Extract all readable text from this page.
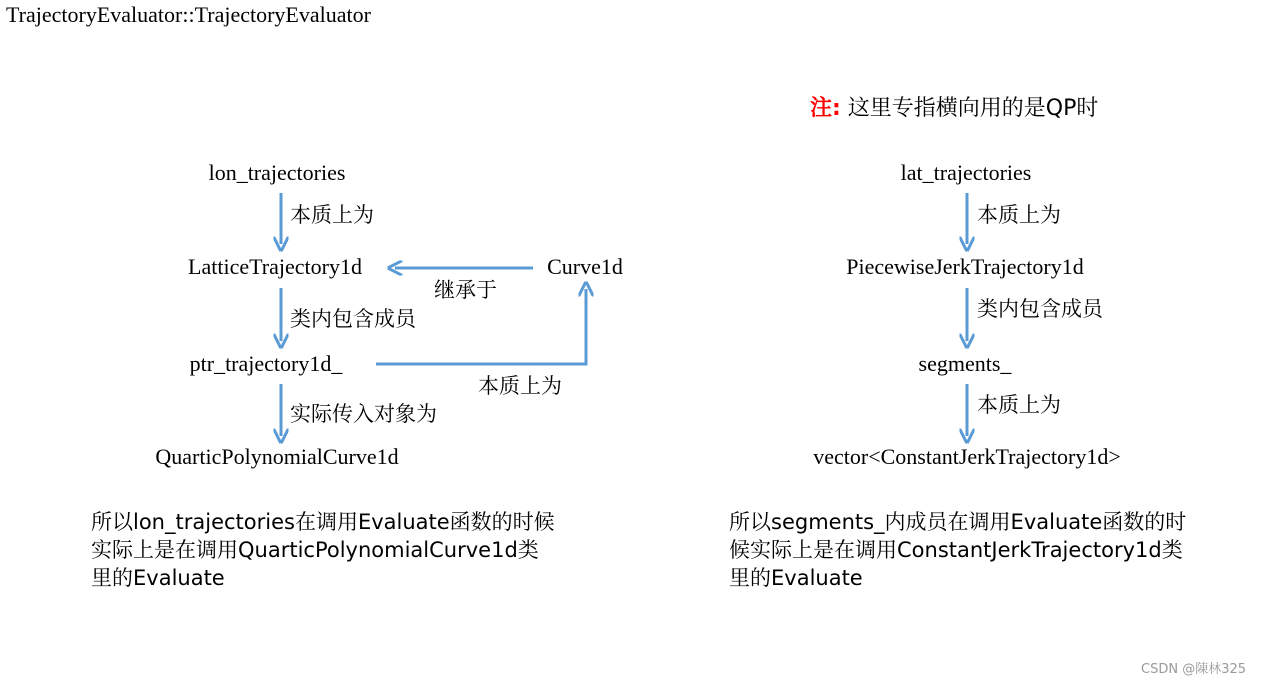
TrajectoryEvaluator::TrajectoryEvaluator
注: 这里专指横向用的是QP时
lon_trajectories
LatticeTrajectory1d	Curve1d
ptr_trajectory1d_
QuarticPolynomialCurve1d
本质上为
继承于
类内包含成员
本质上为
实际传入对象为
所以lon_trajectories在调用Evaluate函数的时候
实际上是在调用QuarticPolynomialCurve1d类
里的Evaluate
lat_trajectories
PiecewiseJerkTrajectory1d
segments_
vector<ConstantJerkTrajectory1d>
本质上为
类内包含成员
本质上为
所以segments_内成员在调用Evaluate函数的时
候实际上是在调用ConstantJerkTrajectory1d类
里的Evaluate
CSDN @陳林325
